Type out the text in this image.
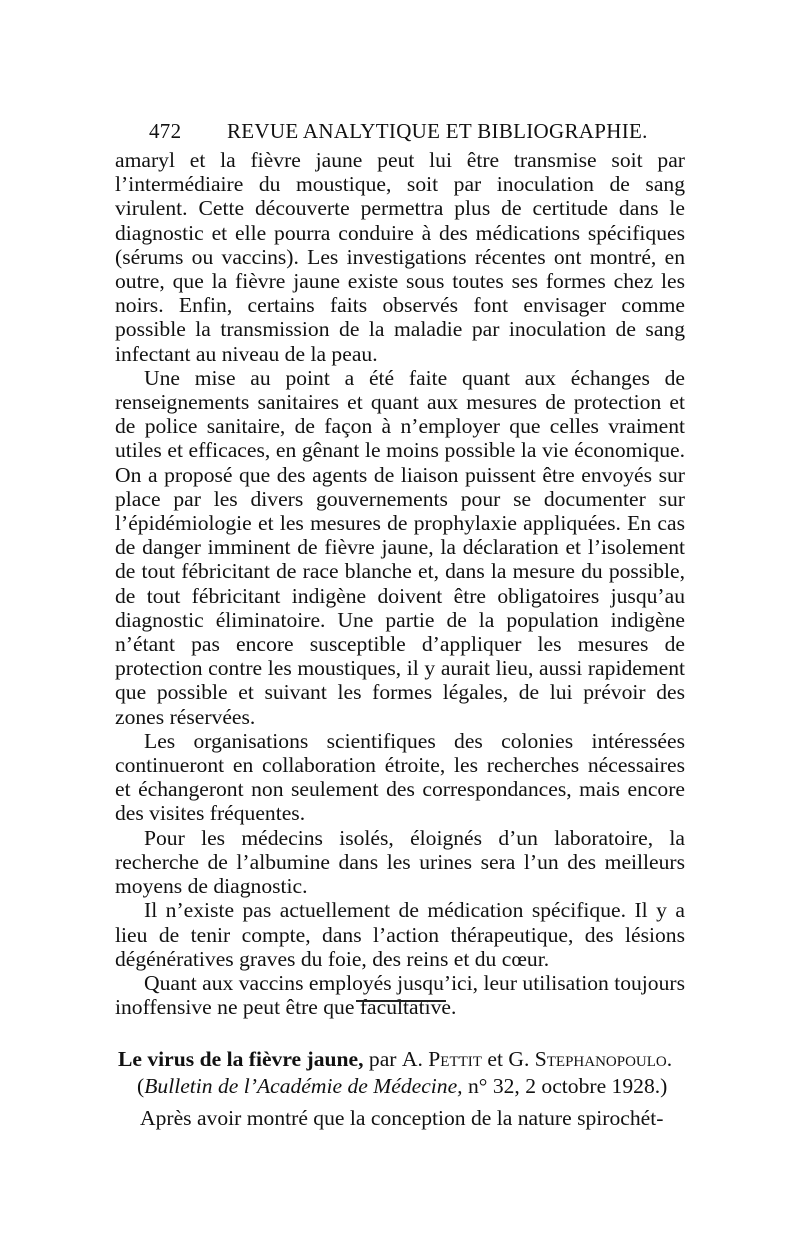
472 REVUE ANALYTIQUE ET BIBLIOGRAPHIE.

amaryl et la fièvre jaune peut lui être transmise soit par l’intermédiaire du moustique, soit par inoculation de sang virulent. Cette découverte permettra plus de certitude dans le diagnostic et elle pourra conduire à des médications spécifiques (sérums ou vaccins). Les investigations récentes ont montré, en outre, que la fièvre jaune existe sous toutes ses formes chez les noirs. Enfin, certains faits observés font envisager comme possible la transmission de la maladie par inoculation de sang infectant au niveau de la peau.

Une mise au point a été faite quant aux échanges de renseignements sanitaires et quant aux mesures de protection et de police sanitaire, de façon à n’employer que celles vraiment utiles et efficaces, en gênant le moins possible la vie économique. On a proposé que des agents de liaison puissent être envoyés sur place par les divers gouvernements pour se documenter sur l’épidémiologie et les mesures de prophylaxie appliquées. En cas de danger imminent de fièvre jaune, la déclaration et l’isolement de tout fébricitant de race blanche et, dans la mesure du possible, de tout fébricitant indigène doivent être obligatoires jusqu’au diagnostic éliminatoire. Une partie de la population indigène n’étant pas encore susceptible d’appliquer les mesures de protection contre les moustiques, il y aurait lieu, aussi rapidement que possible et suivant les formes légales, de lui prévoir des zones réservées.

Les organisations scientifiques des colonies intéressées continueront en collaboration étroite, les recherches nécessaires et échangeront non seulement des correspondances, mais encore des visites fréquentes.

Pour les médecins isolés, éloignés d’un laboratoire, la recherche de l’albumine dans les urines sera l’un des meilleurs moyens de diagnostic.

Il n’existe pas actuellement de médication spécifique. Il y a lieu de tenir compte, dans l’action thérapeutique, des lésions dégénératives graves du foie, des reins et du cœur.

Quant aux vaccins employés jusqu’ici, leur utilisation toujours inoffensive ne peut être que facultative.

Le virus de la fièvre jaune, par A. Pettit et G. Stephanopoulo.
(Bulletin de l’Académie de Médecine, n° 32, 2 octobre 1928.)
Après avoir montré que la conception de la nature spirochét-
